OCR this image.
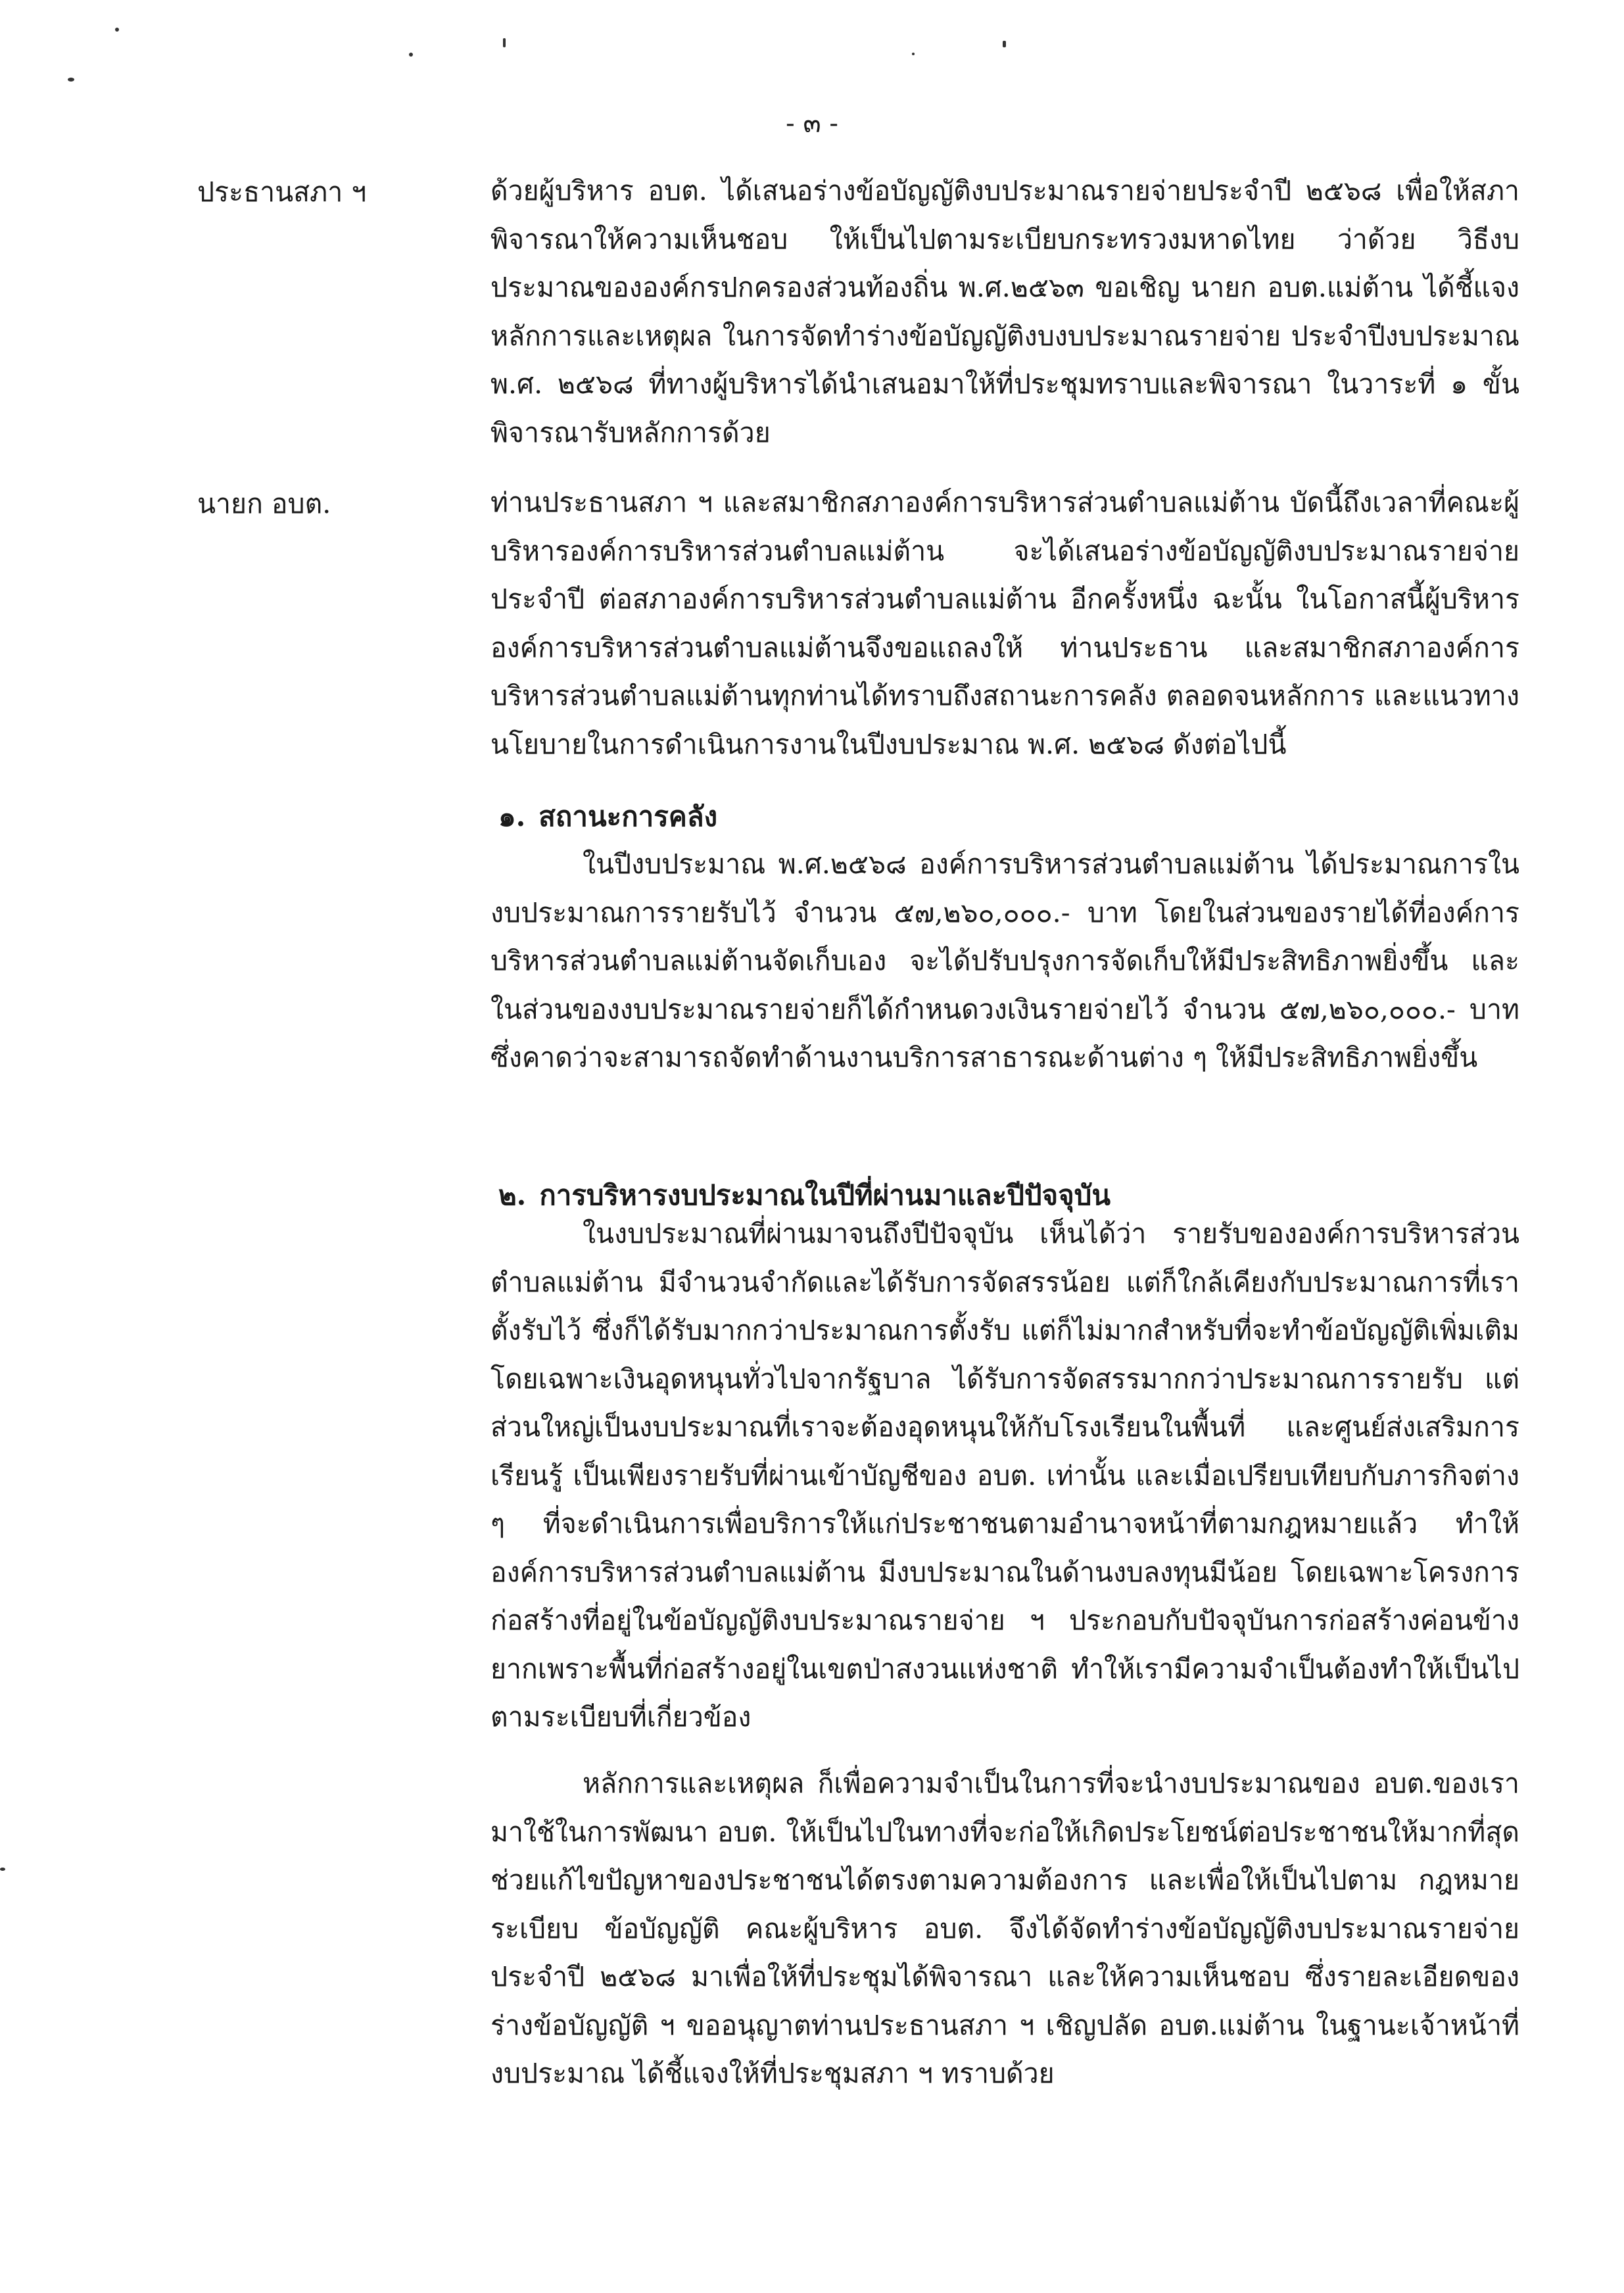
- ๓ -
ประธานสภา ฯ	ด้วยผู้บริหาร อบต. ได้เสนอร่างข้อบัญญัติงบประมาณรายจ่ายประจำปี ๒๕๖๘ เพื่อให้สภาพิจารณาให้ความเห็นชอบ ให้เป็นไปตามระเบียบกระทรวงมหาดไทย ว่าด้วย วิธีงบประมาณขององค์กรปกครองส่วนท้องถิ่น พ.ศ.๒๕๖๓ ขอเชิญ นายก อบต.แม่ต้าน ได้ชี้แจงหลักการและเหตุผล ในการจัดทำร่างข้อบัญญัติงบงบประมาณรายจ่าย ประจำปีงบประมาณ พ.ศ. ๒๕๖๘ ที่ทางผู้บริหารได้นำเสนอมาให้ที่ประชุมทราบและพิจารณา ในวาระที่ ๑ ขั้นพิจารณารับหลักการด้วย

นายก อบต.	ท่านประธานสภา ฯ และสมาชิกสภาองค์การบริหารส่วนตำบลแม่ต้าน บัดนี้ถึงเวลาที่คณะผู้บริหารองค์การบริหารส่วนตำบลแม่ต้าน จะได้เสนอร่างข้อบัญญัติงบประมาณรายจ่ายประจำปี ต่อสภาองค์การบริหารส่วนตำบลแม่ต้าน อีกครั้งหนึ่ง ฉะนั้น ในโอกาสนี้ผู้บริหารองค์การบริหารส่วนตำบลแม่ต้านจึงขอแถลงให้ ท่านประธาน และสมาชิกสภาองค์การบริหารส่วนตำบลแม่ต้านทุกท่านได้ทราบถึงสถานะการคลัง ตลอดจนหลักการ และแนวทางนโยบายในการดำเนินการงานในปีงบประมาณ พ.ศ. ๒๕๖๘ ดังต่อไปนี้

๑. สถานะการคลัง

ในปีงบประมาณ พ.ศ.๒๕๖๘ องค์การบริหารส่วนตำบลแม่ต้าน ได้ประมาณการในงบประมาณการรายรับไว้ จำนวน ๕๗,๒๖๐,๐๐๐.- บาท โดยในส่วนของรายได้ที่องค์การบริหารส่วนตำบลแม่ต้านจัดเก็บเอง จะได้ปรับปรุงการจัดเก็บให้มีประสิทธิภาพยิ่งขึ้น และในส่วนของงบประมาณรายจ่ายก็ได้กำหนดวงเงินรายจ่ายไว้ จำนวน ๕๗,๒๖๐,๐๐๐.- บาท ซึ่งคาดว่าจะสามารถจัดทำด้านงานบริการสาธารณะด้านต่าง ๆ ให้มีประสิทธิภาพยิ่งขึ้น

๒. การบริหารงบประมาณในปีที่ผ่านมาและปีปัจจุบัน

ในงบประมาณที่ผ่านมาจนถึงปีปัจจุบัน เห็นได้ว่า รายรับขององค์การบริหารส่วนตำบลแม่ต้าน มีจำนวนจำกัดและได้รับการจัดสรรน้อย แต่ก็ใกล้เคียงกับประมาณการที่เราตั้งรับไว้ ซึ่งก็ได้รับมากกว่าประมาณการตั้งรับ แต่ก็ไม่มากสำหรับที่จะทำข้อบัญญัติเพิ่มเติม โดยเฉพาะเงินอุดหนุนทั่วไปจากรัฐบาล ได้รับการจัดสรรมากกว่าประมาณการรายรับ แต่ส่วนใหญ่เป็นงบประมาณที่เราจะต้องอุดหนุนให้กับโรงเรียนในพื้นที่ และศูนย์ส่งเสริมการเรียนรู้ เป็นเพียงรายรับที่ผ่านเข้าบัญชีของ อบต. เท่านั้น และเมื่อเปรียบเทียบกับภารกิจต่าง ๆ ที่จะดำเนินการเพื่อบริการให้แก่ประชาชนตามอำนาจหน้าที่ตามกฎหมายแล้ว ทำให้องค์การบริหารส่วนตำบลแม่ต้าน มีงบประมาณในด้านงบลงทุนมีน้อย โดยเฉพาะโครงการก่อสร้างที่อยู่ในข้อบัญญัติงบประมาณรายจ่าย ฯ ประกอบกับปัจจุบันการก่อสร้างค่อนข้างยากเพราะพื้นที่ก่อสร้างอยู่ในเขตป่าสงวนแห่งชาติ ทำให้เรามีความจำเป็นต้องทำให้เป็นไปตามระเบียบที่เกี่ยวข้อง

หลักการและเหตุผล ก็เพื่อความจำเป็นในการที่จะนำงบประมาณของ อบต.ของเรามาใช้ในการพัฒนา อบต. ให้เป็นไปในทางที่จะก่อให้เกิดประโยชน์ต่อประชาชนให้มากที่สุด ช่วยแก้ไขปัญหาของประชาชนได้ตรงตามความต้องการ และเพื่อให้เป็นไปตาม กฎหมาย ระเบียบ ข้อบัญญัติ คณะผู้บริหาร อบต. จึงได้จัดทำร่างข้อบัญญัติงบประมาณรายจ่ายประจำปี ๒๕๖๘ มาเพื่อให้ที่ประชุมได้พิจารณา และให้ความเห็นชอบ ซึ่งรายละเอียดของร่างข้อบัญญัติ ฯ ขออนุญาตท่านประธานสภา ฯ เชิญปลัด อบต.แม่ต้าน ในฐานะเจ้าหน้าที่งบประมาณ ได้ชี้แจงให้ที่ประชุมสภา ฯ ทราบด้วย
